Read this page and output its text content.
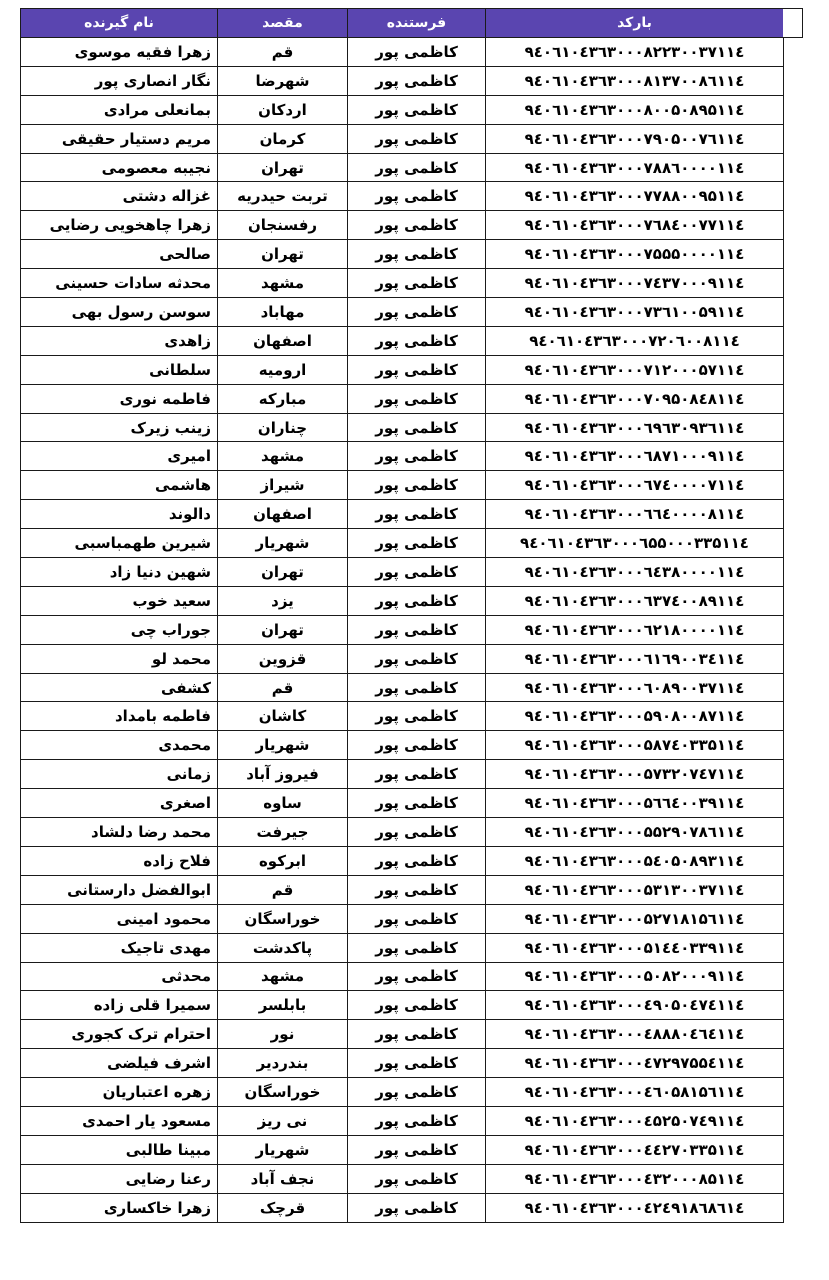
بارکد	فرستنده	مقصد	نام گیرنده
۹٤۰٦۱۰٤۳٦۳۰۰۰۸۲۲۳۰۰۳۷۱۱٤	کاظمی پور	قم	زهرا فقیه موسوی
۹٤۰٦۱۰٤۳٦۳۰۰۰۸۱۳۷۰۰۸٦۱۱٤	کاظمی پور	شهرضا	نگار انصاری پور
۹٤۰٦۱۰٤۳٦۳۰۰۰۸۰۰۵۰۸۹۵۱۱٤	کاظمی پور	اردکان	بمانعلی مرادی
۹٤۰٦۱۰٤۳٦۳۰۰۰۷۹۰۵۰۰۷٦۱۱٤	کاظمی پور	کرمان	مریم دستیار حقیقی
۹٤۰٦۱۰٤۳٦۳۰۰۰۷۸۸٦۰۰۰۰۱۱٤	کاظمی پور	تهران	نجیبه معصومی
۹٤۰٦۱۰٤۳٦۳۰۰۰۷۷۸۸۰۰۹۵۱۱٤	کاظمی پور	تربت حیدریه	غزاله دشتی
۹٤۰٦۱۰٤۳٦۳۰۰۰۷٦۸٤۰۰۷۷۱۱٤	کاظمی پور	رفسنجان	زهرا چاهخویی رضایی
۹٤۰٦۱۰٤۳٦۳۰۰۰۷۵۵۵۰۰۰۰۱۱٤	کاظمی پور	تهران	صالحی
۹٤۰٦۱۰٤۳٦۳۰۰۰۷٤۳۷۰۰۰۹۱۱٤	کاظمی پور	مشهد	محدثه سادات حسینی
۹٤۰٦۱۰٤۳٦۳۰۰۰۷۳٦۱۰۰۵۹۱۱٤	کاظمی پور	مهاباد	سوسن رسول بهی
۹٤۰٦۱۰٤۳٦۳۰۰۰۷۲۰٦۰۰۸۱۱٤	کاظمی پور	اصفهان	زاهدی
۹٤۰٦۱۰٤۳٦۳۰۰۰۷۱۲۰۰۰۵۷۱۱٤	کاظمی پور	ارومیه	سلطانی
۹٤۰٦۱۰٤۳٦۳۰۰۰۷۰۹۵۰۸٤۸۱۱٤	کاظمی پور	مبارکه	فاطمه نوری
۹٤۰٦۱۰٤۳٦۳۰۰۰٦۹٦۳۰۹۳٦۱۱٤	کاظمی پور	چناران	زینب زیرک
۹٤۰٦۱۰٤۳٦۳۰۰۰٦۸۷۱۰۰۰۹۱۱٤	کاظمی پور	مشهد	امیری
۹٤۰٦۱۰٤۳٦۳۰۰۰٦۷٤۰۰۰۰۷۱۱٤	کاظمی پور	شیراز	هاشمی
۹٤۰٦۱۰٤۳٦۳۰۰۰٦٦٤۰۰۰۰۸۱۱٤	کاظمی پور	اصفهان	دالوند
۹٤۰٦۱۰٤۳٦۳۰۰۰٦۵۵۰۰۰۳۳۵۱۱٤	کاظمی پور	شهریار	شیرین طهمباسبی
۹٤۰٦۱۰٤۳٦۳۰۰۰٦٤۳۸۰۰۰۰۱۱٤	کاظمی پور	تهران	شهین دنیا زاد
۹٤۰٦۱۰٤۳٦۳۰۰۰٦۳۷٤۰۰۸۹۱۱٤	کاظمی پور	یزد	سعید خوب
۹٤۰٦۱۰٤۳٦۳۰۰۰٦۲۱۸۰۰۰۰۱۱٤	کاظمی پور	تهران	جوراب چی
۹٤۰٦۱۰٤۳٦۳۰۰۰٦۱٦۹۰۰۳٤۱۱٤	کاظمی پور	قزوین	محمد لو
۹٤۰٦۱۰٤۳٦۳۰۰۰٦۰۸۹۰۰۳۷۱۱٤	کاظمی پور	قم	کشفی
۹٤۰٦۱۰٤۳٦۳۰۰۰۵۹۰۸۰۰۸۷۱۱٤	کاظمی پور	کاشان	فاطمه بامداد
۹٤۰٦۱۰٤۳٦۳۰۰۰۵۸۷٤۰۳۳۵۱۱٤	کاظمی پور	شهریار	محمدی
۹٤۰٦۱۰٤۳٦۳۰۰۰۵۷۳۲۰۷٤۷۱۱٤	کاظمی پور	فیروز آباد	زمانی
۹٤۰٦۱۰٤۳٦۳۰۰۰۵٦٦٤۰۰۳۹۱۱٤	کاظمی پور	ساوه	اصغری
۹٤۰٦۱۰٤۳٦۳۰۰۰۵۵۲۹۰۷۸٦۱۱٤	کاظمی پور	جیرفت	محمد رضا دلشاد
۹٤۰٦۱۰٤۳٦۳۰۰۰۵٤۰۵۰۸۹۳۱۱٤	کاظمی پور	ابرکوه	فلاح زاده
۹٤۰٦۱۰٤۳٦۳۰۰۰۵۳۱۳۰۰۳۷۱۱٤	کاظمی پور	قم	ابوالفضل دارستانی
۹٤۰٦۱۰٤۳٦۳۰۰۰۵۲۷۱۸۱۵٦۱۱٤	کاظمی پور	خوراسگان	محمود امینی
۹٤۰٦۱۰٤۳٦۳۰۰۰۵۱٤٤۰۳۳۹۱۱٤	کاظمی پور	پاکدشت	مهدی تاجیک
۹٤۰٦۱۰٤۳٦۳۰۰۰۵۰۸۲۰۰۰۹۱۱٤	کاظمی پور	مشهد	محدثی
۹٤۰٦۱۰٤۳٦۳۰۰۰٤۹۰۵۰٤۷٤۱۱٤	کاظمی پور	بابلسر	سمیرا قلی زاده
۹٤۰٦۱۰٤۳٦۳۰۰۰٤۸۸۸۰٤٦٤۱۱٤	کاظمی پور	نور	احترام ترک کجوری
۹٤۰٦۱۰٤۳٦۳۰۰۰٤۷۲۹۷۵۵٤۱۱٤	کاظمی پور	بندردیر	اشرف فیلضی
۹٤۰٦۱۰٤۳٦۳۰۰۰٤٦۰۵۸۱۵٦۱۱٤	کاظمی پور	خوراسگان	زهره اعتباریان
۹٤۰٦۱۰٤۳٦۳۰۰۰٤۵۲۵۰۷٤۹۱۱٤	کاظمی پور	نی ریز	مسعود یار احمدی
۹٤۰٦۱۰٤۳٦۳۰۰۰٤٤۲۷۰۳۳۵۱۱٤	کاظمی پور	شهریار	مبینا طالبی
۹٤۰٦۱۰٤۳٦۳۰۰۰٤۳۲۰۰۰۸۵۱۱٤	کاظمی پور	نجف آباد	رعنا رضایی
۹٤۰٦۱۰٤۳٦۳۰۰۰٤۲٤۹۱۸٦۸٦۱٤	کاظمی پور	قرچک	زهرا خاکساری
